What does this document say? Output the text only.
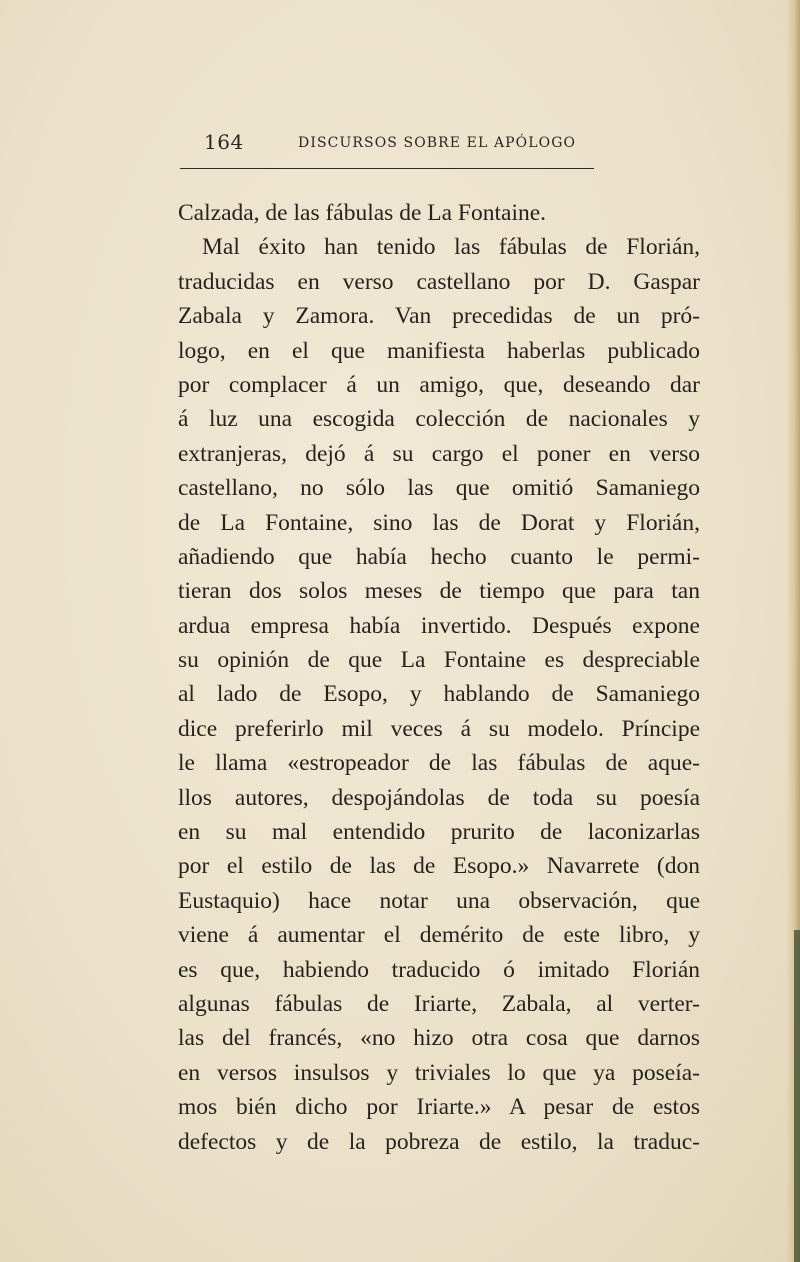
164	DISCURSOS SOBRE EL APÓLOGO
Calzada, de las fábulas de La Fontaine.
Mal éxito han tenido las fábulas de Florián,
traducidas en verso castellano por D. Gaspar
Zabala y Zamora. Van precedidas de un pró-
logo, en el que manifiesta haberlas publicado
por complacer á un amigo, que, deseando dar
á luz una escogida colección de nacionales y
extranjeras, dejó á su cargo el poner en verso
castellano, no sólo las que omitió Samaniego
de La Fontaine, sino las de Dorat y Florián,
añadiendo que había hecho cuanto le permi-
tieran dos solos meses de tiempo que para tan
ardua empresa había invertido. Después expone
su opinión de que La Fontaine es despreciable
al lado de Esopo, y hablando de Samaniego
dice preferirlo mil veces á su modelo. Príncipe
le llama «estropeador de las fábulas de aque-
llos autores, despojándolas de toda su poesía
en su mal entendido prurito de laconizarlas
por el estilo de las de Esopo.» Navarrete (don
Eustaquio) hace notar una observación, que
viene á aumentar el demérito de este libro, y
es que, habiendo traducido ó imitado Florián
algunas fábulas de Iriarte, Zabala, al verter-
las del francés, «no hizo otra cosa que darnos
en versos insulsos y triviales lo que ya poseía-
mos bién dicho por Iriarte.» A pesar de estos
defectos y de la pobreza de estilo, la traduc-
